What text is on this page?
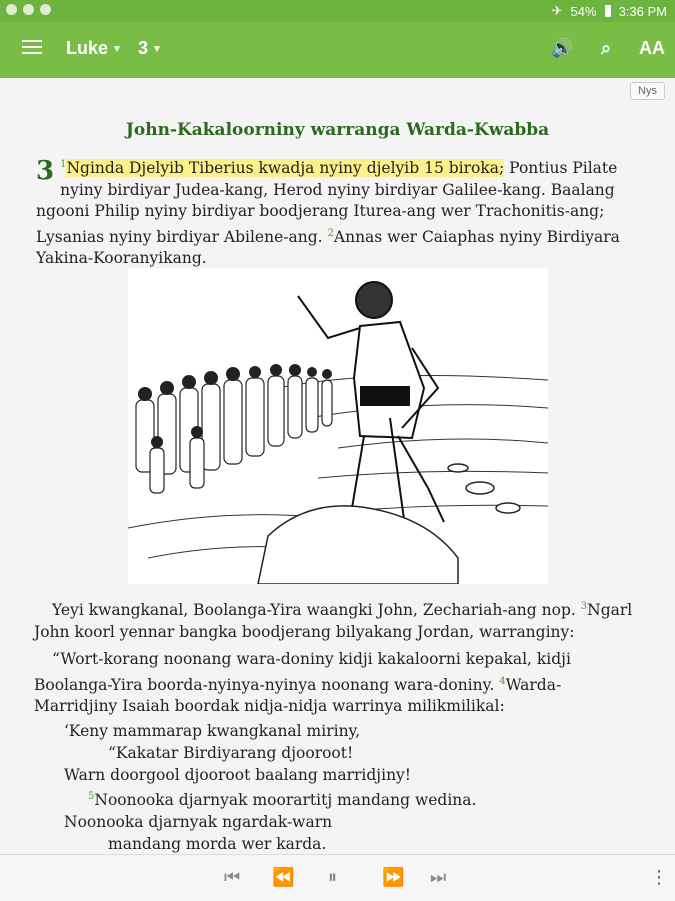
✈ 54% 3:36 PM
Luke ▼ 3 ▼	🔊	⌕	AA
Nys
John-Kakaloorniny warranga Warda-Kwabba
3 $^1$Nginda Djelyib Tiberius kwadja nyiny djelyib 15 biroka; Pontius Pilate nyiny birdiyar Judea-kang, Herod nyiny birdiyar Galilee-kang. Baalang ngooni Philip nyiny birdiyar boodjerang Iturea-ang wer Trachonitis-ang; Lysanias nyiny birdiyar Abilene-ang. $^2$Annas wer Caiaphas nyiny Birdiyara Yakina-Kooranyikang.

Yeyi kwangkanal, Boolanga-Yira waangki John, Zechariah-ang nop. $^3$Ngarl John koorl yennar bangka boodjerang bilyakang Jordan, warranginy:

“Wort-korang noonang wara-doniny kidji kakaloorni kepakal, kidji Boolanga-Yira boorda-nyinya-nyinya noonang wara-doniny. $^4$Warda-Marridjiny Isaiah boordak nidja-nidja warrinya milikmilikal:

‘Keny mammarap kwangkanal miriny,
“Kakatar Birdiyarang djooroot!
Warn doorgool djooroot baalang marridjiny!
$^5$Noonooka djarnyak moorartitj mandang wedina.
Noonooka djarnyak ngardak-warn
mandang morda wer karda.
⏮ ⏪ ⏸	⏩ ⏭	⋮
